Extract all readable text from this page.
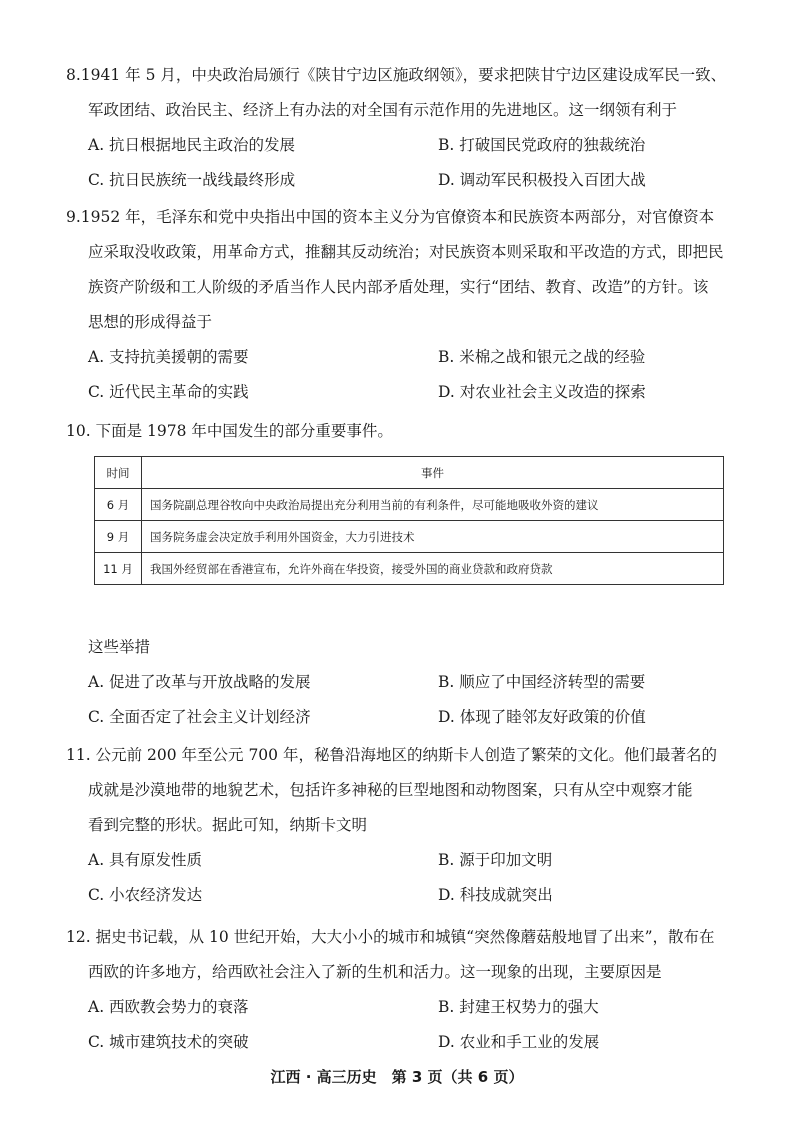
8.1941 年 5 月，中央政治局颁行《陕甘宁边区施政纲领》，要求把陕甘宁边区建设成军民一致、
军政团结、政治民主、经济上有办法的对全国有示范作用的先进地区。这一纲领有利于
A. 抗日根据地民主政治的发展	B. 打破国民党政府的独裁统治
C. 抗日民族统一战线最终形成	D. 调动军民积极投入百团大战
9.1952 年，毛泽东和党中央指出中国的资本主义分为官僚资本和民族资本两部分，对官僚资本
应采取没收政策，用革命方式，推翻其反动统治；对民族资本则采取和平改造的方式，即把民
族资产阶级和工人阶级的矛盾当作人民内部矛盾处理，实行“团结、教育、改造”的方针。该
思想的形成得益于
A. 支持抗美援朝的需要	B. 米棉之战和银元之战的经验
C. 近代民主革命的实践	D. 对农业社会主义改造的探索
10. 下面是 1978 年中国发生的部分重要事件。
时间	事件
6 月	国务院副总理谷牧向中央政治局提出充分利用当前的有利条件，尽可能地吸收外资的建议
9 月	国务院务虚会决定放手利用外国资金，大力引进技术
11 月	我国外经贸部在香港宣布，允许外商在华投资，接受外国的商业贷款和政府贷款
这些举措
A. 促进了改革与开放战略的发展	B. 顺应了中国经济转型的需要
C. 全面否定了社会主义计划经济	D. 体现了睦邻友好政策的价值
11. 公元前 200 年至公元 700 年，秘鲁沿海地区的纳斯卡人创造了繁荣的文化。他们最著名的
成就是沙漠地带的地貌艺术，包括许多神秘的巨型地图和动物图案，只有从空中观察才能
看到完整的形状。据此可知，纳斯卡文明
A. 具有原发性质	B. 源于印加文明
C. 小农经济发达	D. 科技成就突出
12. 据史书记载，从 10 世纪开始，大大小小的城市和城镇“突然像蘑菇般地冒了出来”，散布在
西欧的许多地方，给西欧社会注入了新的生机和活力。这一现象的出现，主要原因是
A. 西欧教会势力的衰落	B. 封建王权势力的强大
C. 城市建筑技术的突破	D. 农业和手工业的发展
江西 · 高三历史　第 3 页（共 6 页）
